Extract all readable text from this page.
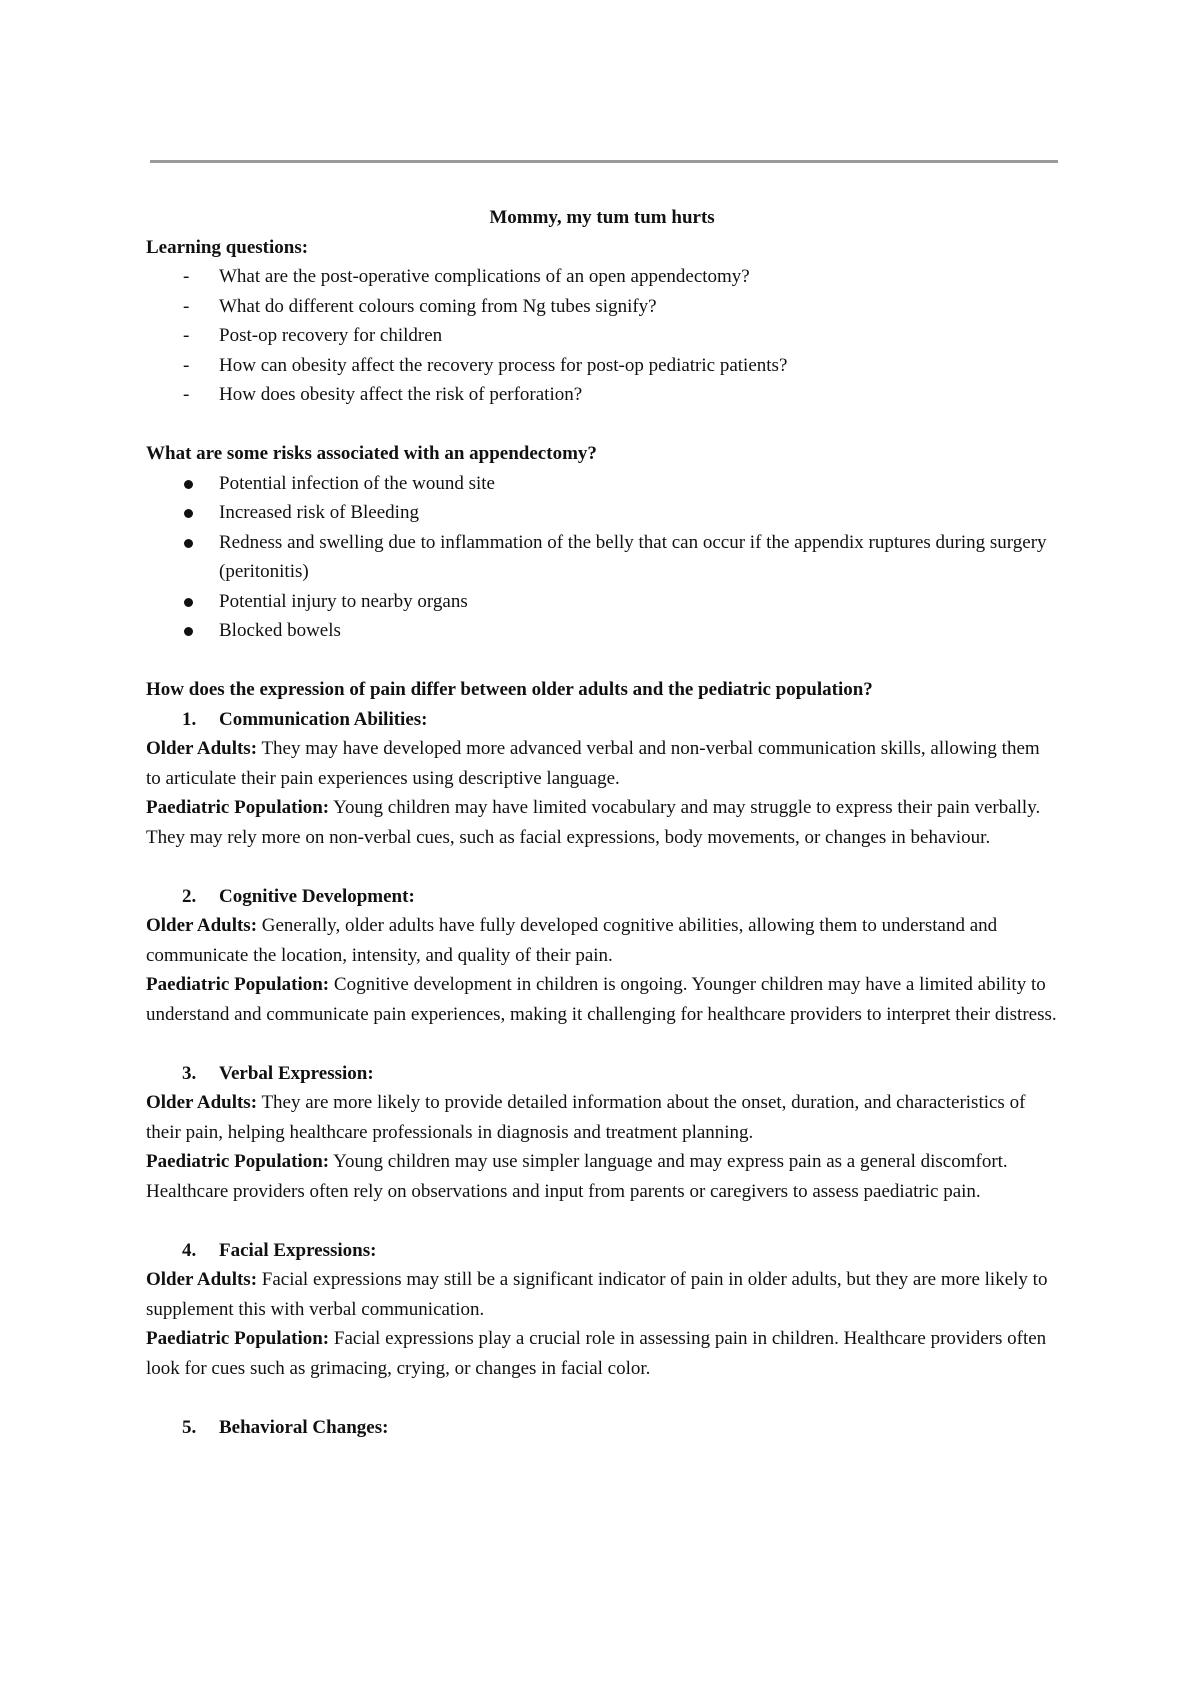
Mommy, my tum tum hurts
Learning questions:
- What are the post-operative complications of an open appendectomy?
- What do different colours coming from Ng tubes signify?
- Post-op recovery for children
- How can obesity affect the recovery process for post-op pediatric patients?
- How does obesity affect the risk of perforation?
What are some risks associated with an appendectomy?
Potential infection of the wound site
Increased risk of Bleeding
Redness and swelling due to inflammation of the belly that can occur if the appendix ruptures during surgery (peritonitis)
Potential injury to nearby organs
Blocked bowels
How does the expression of pain differ between older adults and the pediatric population?
1. Communication Abilities:

Older Adults: They may have developed more advanced verbal and non-verbal communication skills, allowing them to articulate their pain experiences using descriptive language.

Paediatric Population: Young children may have limited vocabulary and may struggle to express their pain verbally. They may rely more on non-verbal cues, such as facial expressions, body movements, or changes in behaviour.

2. Cognitive Development:

Older Adults: Generally, older adults have fully developed cognitive abilities, allowing them to understand and communicate the location, intensity, and quality of their pain.

Paediatric Population: Cognitive development in children is ongoing. Younger children may have a limited ability to understand and communicate pain experiences, making it challenging for healthcare providers to interpret their distress.

3. Verbal Expression:

Older Adults: They are more likely to provide detailed information about the onset, duration, and characteristics of their pain, helping healthcare professionals in diagnosis and treatment planning.

Paediatric Population: Young children may use simpler language and may express pain as a general discomfort. Healthcare providers often rely on observations and input from parents or caregivers to assess paediatric pain.

4. Facial Expressions:

Older Adults: Facial expressions may still be a significant indicator of pain in older adults, but they are more likely to supplement this with verbal communication.

Paediatric Population: Facial expressions play a crucial role in assessing pain in children. Healthcare providers often look for cues such as grimacing, crying, or changes in facial color.

5. Behavioral Changes:
